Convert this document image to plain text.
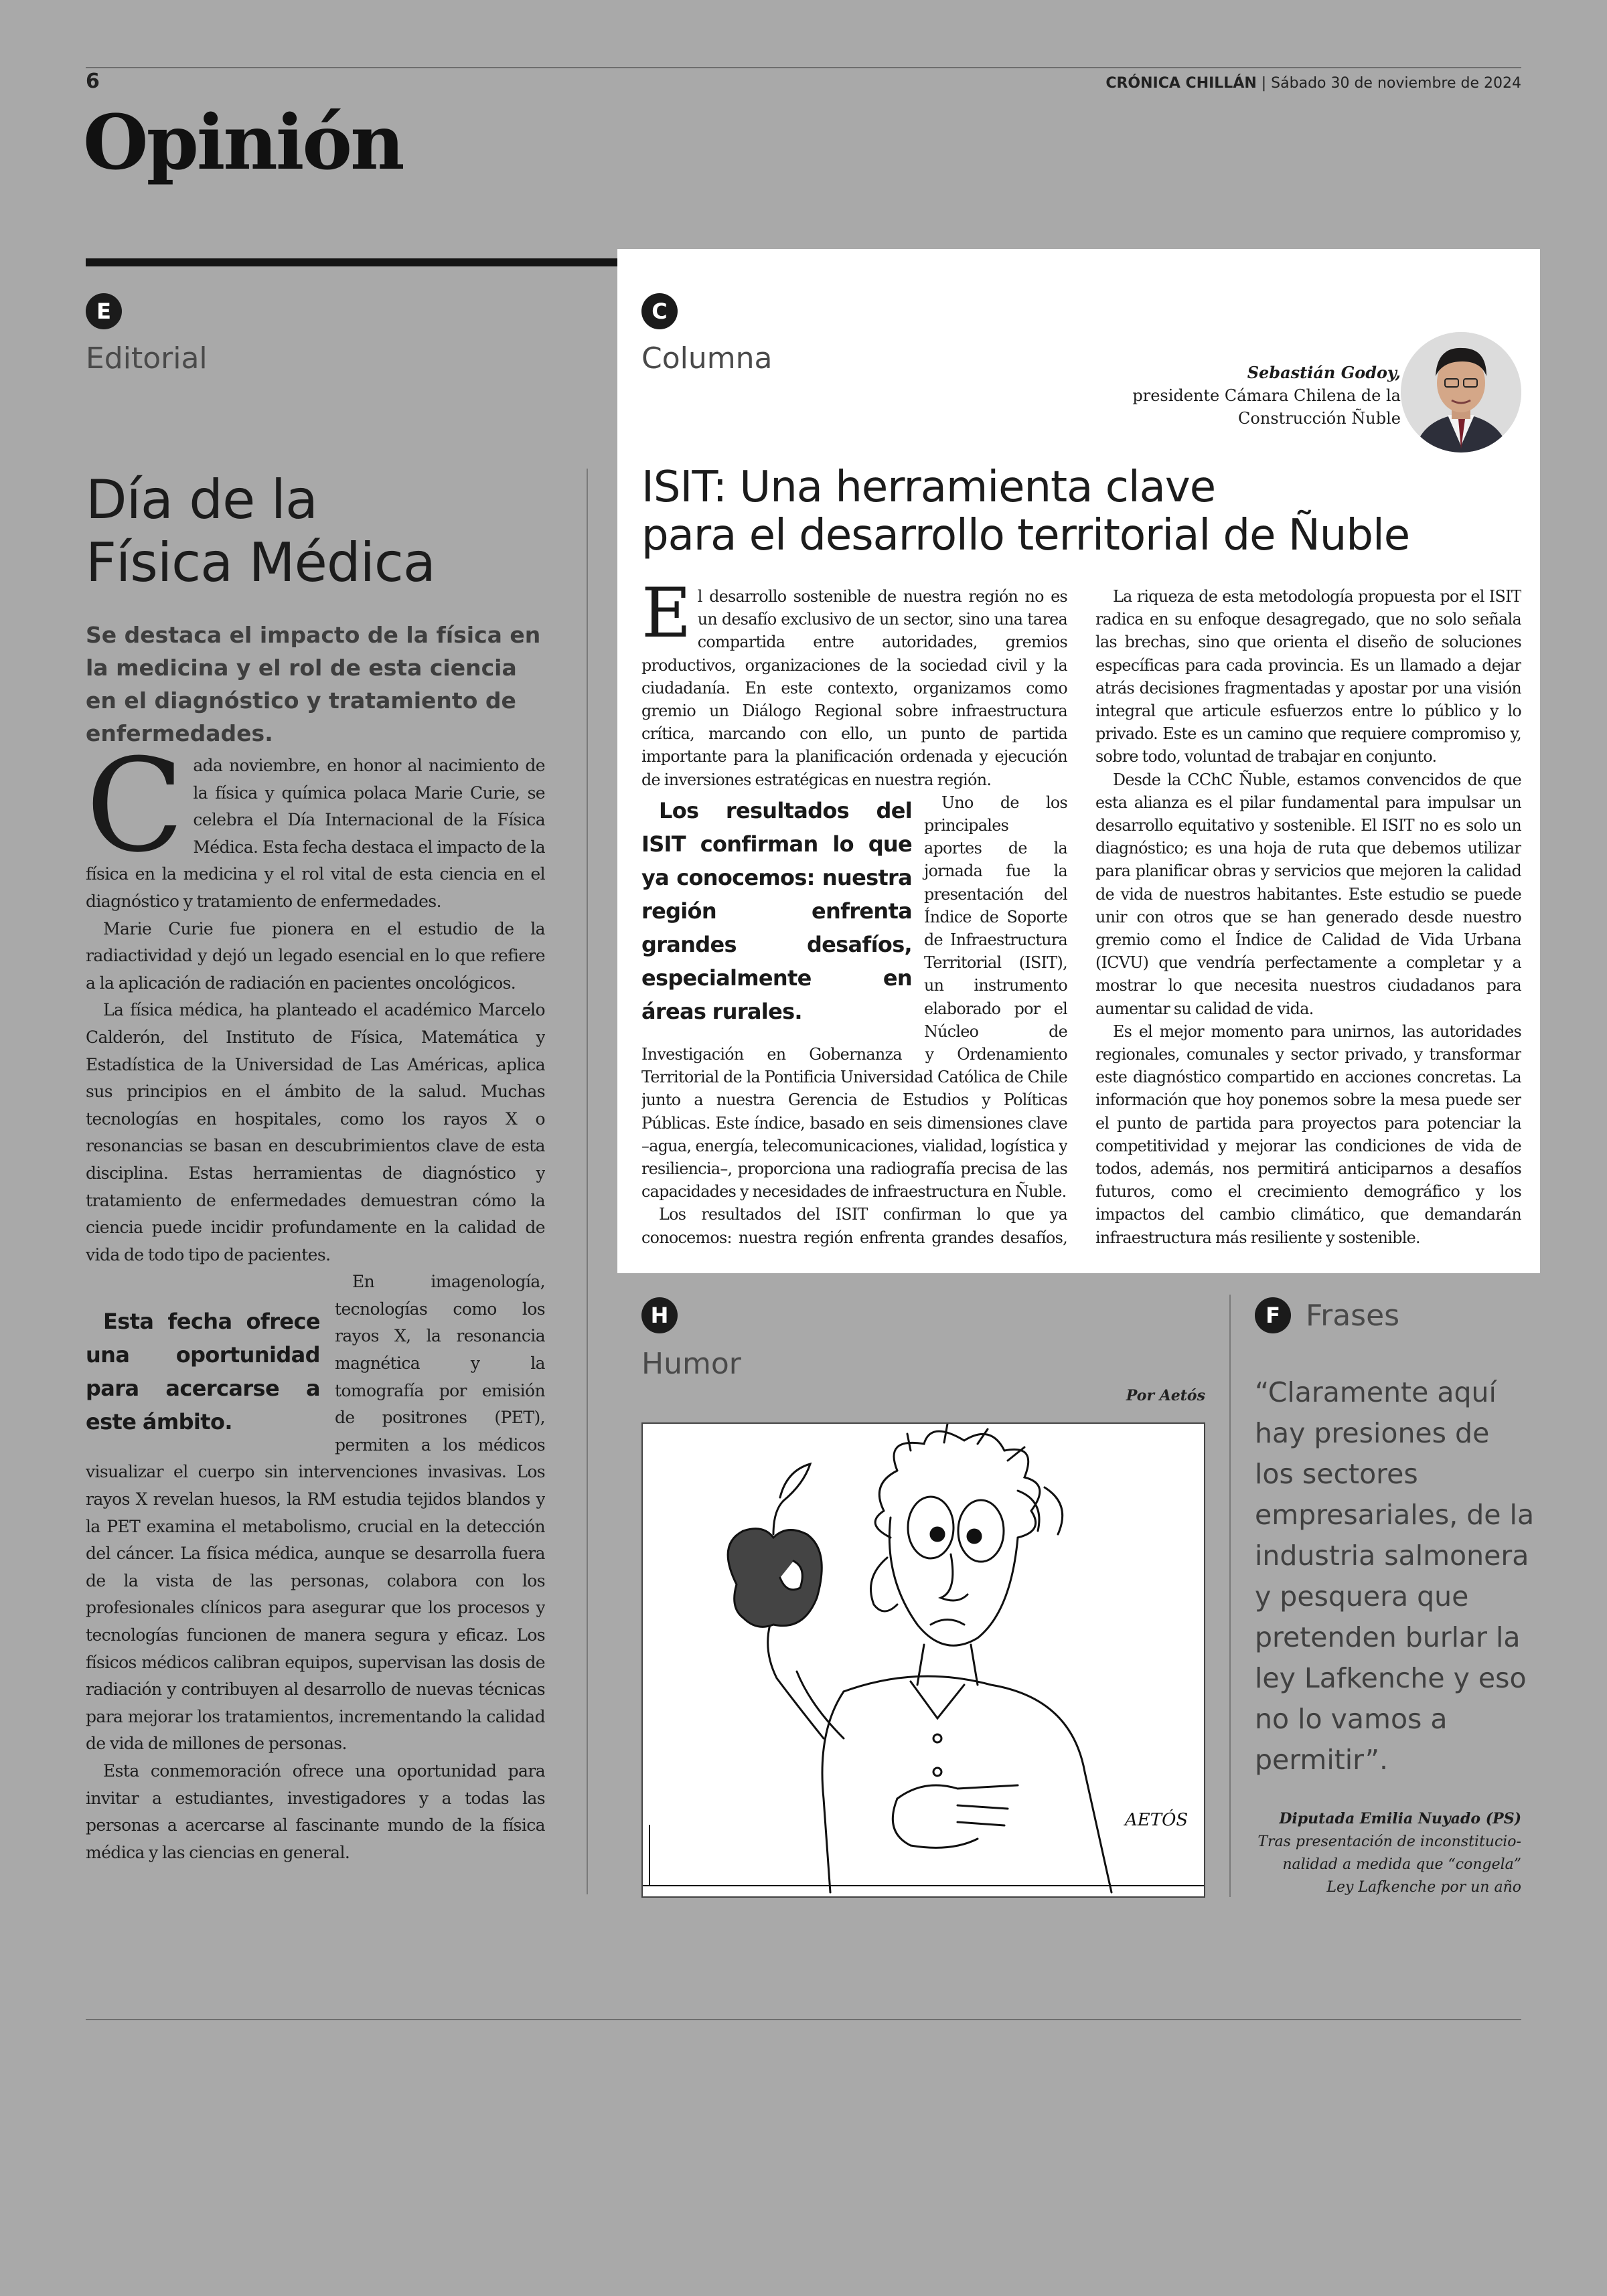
6	CRÓNICA CHILLÁN | Sábado 30 de noviembre de 2024
Opinión
E
Editorial
Día de la
Física Médica
Se destaca el impacto de la física en la medicina y el rol de esta ciencia en el diagnóstico y tratamiento de enfermedades.

Cada noviembre, en honor al nacimiento de la física y química polaca Marie Curie, se celebra el Día Internacional de la Física Médica. Esta fecha destaca el impacto de la física en la medicina y el rol vital de esta ciencia en el diagnóstico y tratamiento de enfermedades.

Marie Curie fue pionera en el estudio de la radiactividad y dejó un legado esencial en lo que refiere a la aplicación de radiación en pacientes oncológicos.

La física médica, ha planteado el académico Marcelo Calderón, del Instituto de Física, Matemática y Estadística de la Universidad de Las Américas, aplica sus principios en el ámbito de la salud. Muchas tecnologías en hospitales, como los rayos X o resonancias se basan en descubrimientos clave de esta disciplina. Estas herramientas de diagnóstico y tratamiento de enfermedades demuestran cómo la ciencia puede incidir profundamente en la calidad de vida de todo tipo de pacientes.

Esta fecha ofrece una oportunidad para acercarse a este ámbito.
En imagenología, tecnologías como los rayos X, la resonancia magnética y la tomografía por emisión de positrones (PET), permiten a los médicos visualizar el cuerpo sin intervenciones invasivas. Los rayos X revelan huesos, la RM estudia tejidos blandos y la PET examina el metabolismo, crucial en la detección del cáncer. La física médica, aunque se desarrolla fuera de la vista de las personas, colabora con los profesionales clínicos para asegurar que los procesos y tecnologías funcionen de manera segura y eficaz. Los físicos médicos calibran equipos, supervisan las dosis de radiación y contribuyen al desarrollo de nuevas técnicas para mejorar los tratamientos, incrementando la calidad de vida de millones de personas.

Esta conmemoración ofrece una oportunidad para invitar a estudiantes, investigadores y a todas las personas a acercarse al fascinante mundo de la física médica y las ciencias en general.

C
Columna	Sebastián Godoy,
presidente Cámara Chilena de la
Construcción Ñuble
ISIT: Una herramienta clave
para el desarrollo territorial de Ñuble

El desarrollo sostenible de nuestra región no es un desafío exclusivo de un sector, sino una tarea compartida entre autoridades, gremios productivos, organizaciones de la sociedad civil y la ciudadanía. En este contexto, organizamos como gremio un Diálogo Regional sobre infraestructura crítica, marcando con ello, un punto de partida importante para la planificación ordenada y ejecución de inversiones estratégicas en nuestra región.

Los resultados del ISIT confirman lo que ya conocemos: nuestra región enfrenta grandes desafíos, especialmente en áreas rurales.
Uno de los principales aportes de la jornada fue la presentación del Índice de Soporte de Infraestructura Territorial (ISIT), un instrumento elaborado por el Núcleo de Investigación en Gobernanza y Ordenamiento Territorial de la Pontificia Universidad Católica de Chile junto a nuestra Gerencia de Estudios y Políticas Públicas. Este índice, basado en seis dimensiones clave –agua, energía, telecomunicaciones, vialidad, logística y resiliencia–, proporciona una radiografía precisa de las capacidades y necesidades de infraestructura en Ñuble.

Los resultados del ISIT confirman lo que ya conocemos: nuestra región enfrenta grandes desafíos,

La riqueza de esta metodología propuesta por el ISIT radica en su enfoque desagregado, que no solo señala las brechas, sino que orienta el diseño de soluciones específicas para cada provincia. Es un llamado a dejar atrás decisiones fragmentadas y apostar por una visión integral que articule esfuerzos entre lo público y lo privado. Este es un camino que requiere compromiso y, sobre todo, voluntad de trabajar en conjunto.

Desde la CChC Ñuble, estamos convencidos de que esta alianza es el pilar fundamental para impulsar un desarrollo equitativo y sostenible. El ISIT no es solo un diagnóstico; es una hoja de ruta que debemos utilizar para planificar obras y servicios que mejoren la calidad de vida de nuestros habitantes. Este estudio se puede unir con otros que se han generado desde nuestro gremio como el Índice de Calidad de Vida Urbana (ICVU) que vendría perfectamente a completar y a mostrar lo que necesita nuestros ciudadanos para aumentar su calidad de vida.

Es el mejor momento para unirnos, las autoridades regionales, comunales y sector privado, y transformar este diagnóstico compartido en acciones concretas. La información que hoy ponemos sobre la mesa puede ser el punto de partida para proyectos para potenciar la competitividad y mejorar las condiciones de vida de todos, además, nos permitirá anticiparnos a desafíos futuros, como el crecimiento demográfico y los impactos del cambio climático, que demandarán infraestructura más resiliente y sostenible.

H
Humor
Por Aetós
AETÓS
F Frases
“Claramente aquí hay presiones de los sectores empresariales, de la industria salmonera y pesquera que pretenden burlar la ley Lafkenche y eso no lo vamos a permitir”.
Diputada Emilia Nuyado (PS)
Tras presentación de inconstitucio-
nalidad a medida que “congela”
Ley Lafkenche por un año
